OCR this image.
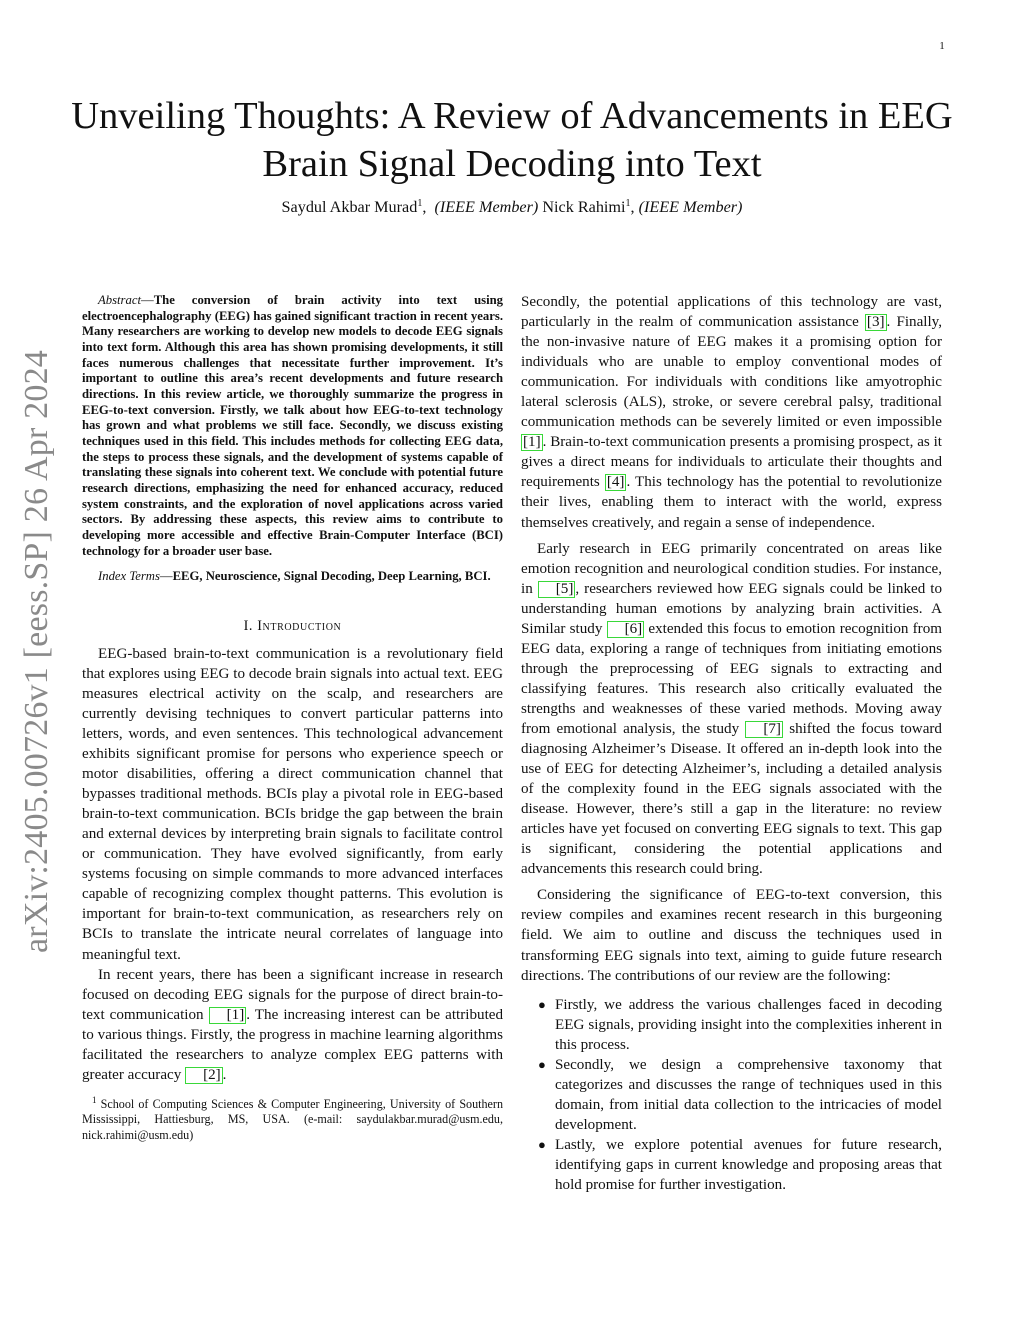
1
arXiv:2405.00726v1 [eess.SP] 26 Apr 2024
Unveiling Thoughts: A Review of Advancements in EEG Brain Signal Decoding into Text
Saydul Akbar Murad$^1$,  (IEEE Member) Nick Rahimi$^1$, (IEEE Member)

Abstract—The conversion of brain activity into text using electroencephalography (EEG) has gained significant traction in recent years. Many researchers are working to develop new models to decode EEG signals into text form. Although this area has shown promising developments, it still faces numerous challenges that necessitate further improvement. It’s important to outline this area’s recent developments and future research directions. In this review article, we thoroughly summarize the progress in EEG-to-text conversion. Firstly, we talk about how EEG-to-text technology has grown and what problems we still face. Secondly, we discuss existing techniques used in this field. This includes methods for collecting EEG data, the steps to process these signals, and the development of systems capable of translating these signals into coherent text. We conclude with potential future research directions, emphasizing the need for enhanced accuracy, reduced system constraints, and the exploration of novel applications across varied sectors. By addressing these aspects, this review aims to contribute to developing more accessible and effective Brain-Computer Interface (BCI) technology for a broader user base.

Index Terms—EEG, Neuroscience, Signal Decoding, Deep Learning, BCI.

I. Introduction

EEG-based brain-to-text communication is a revolutionary field that explores using EEG to decode brain signals into actual text. EEG measures electrical activity on the scalp, and researchers are currently devising techniques to convert particular patterns into letters, words, and even sentences. This technological advancement exhibits significant promise for persons who experience speech or motor disabilities, offering a direct communication channel that bypasses traditional methods. BCIs play a pivotal role in EEG-based brain-to-text communication. BCIs bridge the gap between the brain and external devices by interpreting brain signals to facilitate control or communication. They have evolved significantly, from early systems focusing on simple commands to more advanced interfaces capable of recognizing complex thought patterns. This evolution is important for brain-to-text communication, as researchers rely on BCIs to translate the intricate neural correlates of language into meaningful text.

In recent years, there has been a significant increase in research focused on decoding EEG signals for the purpose of direct brain-to-text communication [1] . The increasing interest can be attributed to various things. Firstly, the progress in machine learning algorithms facilitated the researchers to analyze complex EEG patterns with greater accuracy [2] .

$^1$ School of Computing Sciences & Computer Engineering, University of Southern Mississippi, Hattiesburg, MS, USA. (e-mail: saydulakbar.murad@usm.edu, nick.rahimi@usm.edu)

Secondly, the potential applications of this technology are vast, particularly in the realm of communication assistance [3] . Finally, the non-invasive nature of EEG makes it a promising option for individuals who are unable to employ conventional modes of communication. For individuals with conditions like amyotrophic lateral sclerosis (ALS), stroke, or severe cerebral palsy, traditional communication methods can be severely limited or even impossible [1] . Brain-to-text communication presents a promising prospect, as it gives a direct means for individuals to articulate their thoughts and requirements [4] . This technology has the potential to revolutionize their lives, enabling them to interact with the world, express themselves creatively, and regain a sense of independence.

Early research in EEG primarily concentrated on areas like emotion recognition and neurological condition studies. For instance, in [5] , researchers reviewed how EEG signals could be linked to understanding human emotions by analyzing brain activities. A Similar study [6] extended this focus to emotion recognition from EEG data, exploring a range of techniques from initiating emotions through the preprocessing of EEG signals to extracting and classifying features. This research also critically evaluated the strengths and weaknesses of these varied methods. Moving away from emotional analysis, the study [7] shifted the focus toward diagnosing Alzheimer’s Disease. It offered an in-depth look into the use of EEG for detecting Alzheimer’s, including a detailed analysis of the complexity found in the EEG signals associated with the disease. However, there’s still a gap in the literature: no review articles have yet focused on converting EEG signals to text. This gap is significant, considering the potential applications and advancements this research could bring.

Considering the significance of EEG-to-text conversion, this review compiles and examines recent research in this burgeoning field. We aim to outline and discuss the techniques used in transforming EEG signals into text, aiming to guide future research directions. The contributions of our review are the following:

● Firstly, we address the various challenges faced in decoding EEG signals, providing insight into the complexities inherent in this process.
● Secondly, we design a comprehensive taxonomy that categorizes and discusses the range of techniques used in this domain, from initial data collection to the intricacies of model development.
● Lastly, we explore potential avenues for future research, identifying gaps in current knowledge and proposing areas that hold promise for further investigation.
